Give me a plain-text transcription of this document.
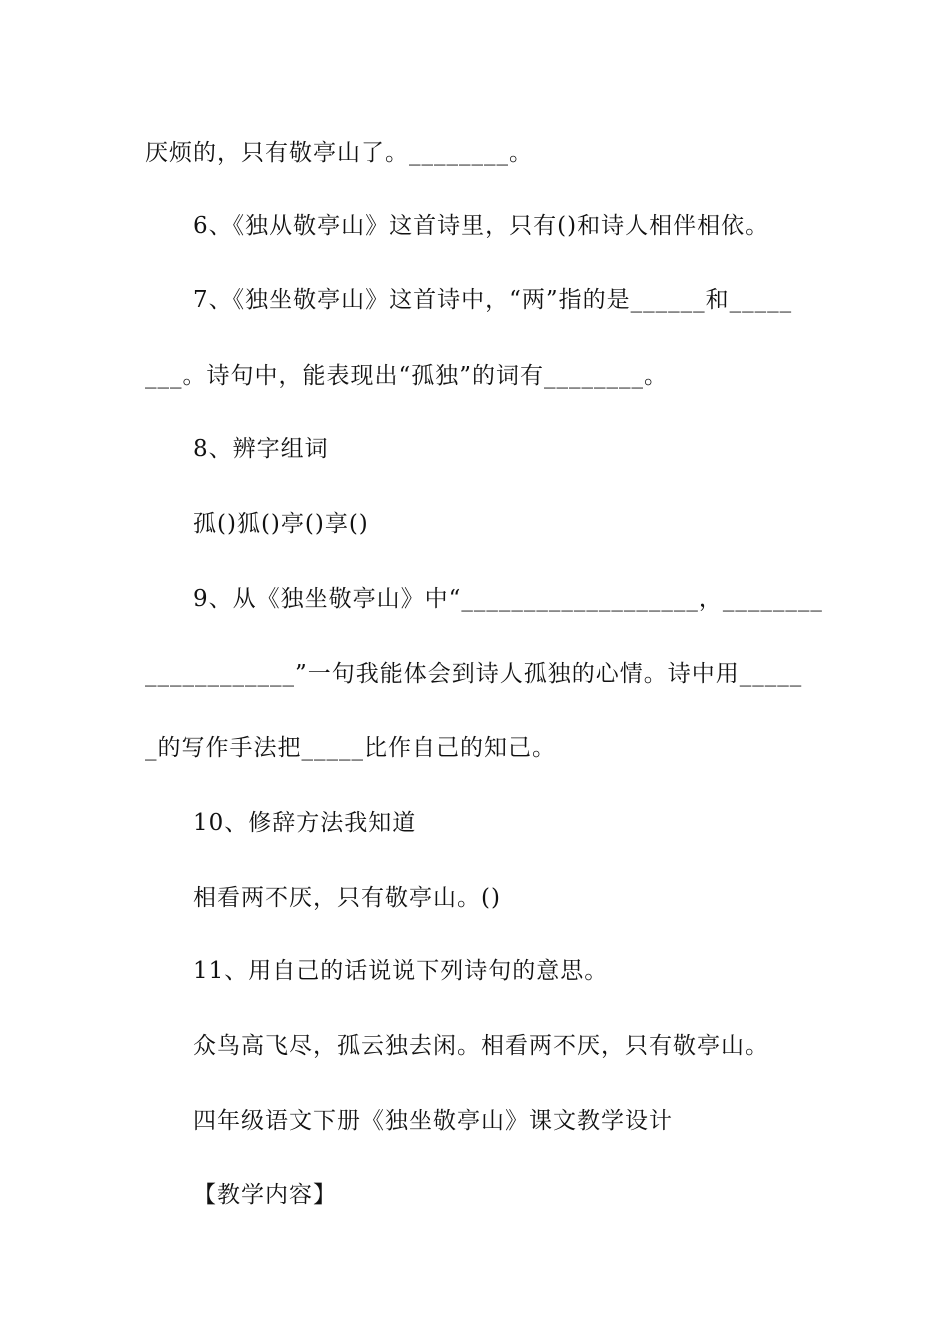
厌烦的，只有敬亭山了。________。
6、《独从敬亭山》这首诗里，只有()和诗人相伴相依。
7、《独坐敬亭山》这首诗中，“两”指的是______和_____
___。诗句中，能表现出“孤独”的词有________。
8、辨字组词
孤()狐()亭()享()
9、从《独坐敬亭山》中“___________________，________
____________”一句我能体会到诗人孤独的心情。诗中用_____
_的写作手法把_____比作自己的知己。
10、修辞方法我知道
相看两不厌，只有敬亭山。()
11、用自己的话说说下列诗句的意思。
众鸟高飞尽，孤云独去闲。相看两不厌，只有敬亭山。
四年级语文下册《独坐敬亭山》课文教学设计
【教学内容】
